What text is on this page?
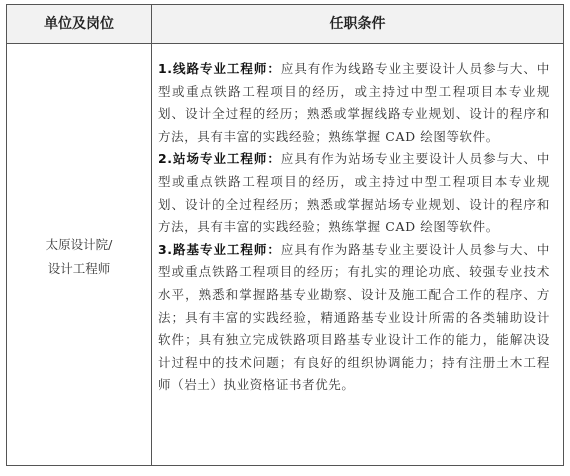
单位及岗位	任职条件
太原设计院/
设计工程师
1.线路专业工程师：应具有作为线路专业主要设计人员参与大、中型或重点铁路工程项目的经历，或主持过中型工程项目本专业规划、设计全过程的经历；熟悉或掌握线路专业规划、设计的程序和方法，具有丰富的实践经验；熟练掌握 CAD 绘图等软件。
2.站场专业工程师：应具有作为站场专业主要设计人员参与大、中型或重点铁路工程项目的经历，或主持过中型工程项目本专业规划、设计的全过程经历；熟悉或掌握站场专业规划、设计的程序和方法，具有丰富的实践经验；熟练掌握 CAD 绘图等软件。
3.路基专业工程师：应具有作为路基专业主要设计人员参与大、中型或重点铁路工程项目的经历；有扎实的理论功底、较强专业技术水平，熟悉和掌握路基专业勘察、设计及施工配合工作的程序、方法；具有丰富的实践经验，精通路基专业设计所需的各类辅助设计软件；具有独立完成铁路项目路基专业设计工作的能力，能解决设计过程中的技术问题；有良好的组织协调能力；持有注册土木工程师（岩土）执业资格证书者优先。
